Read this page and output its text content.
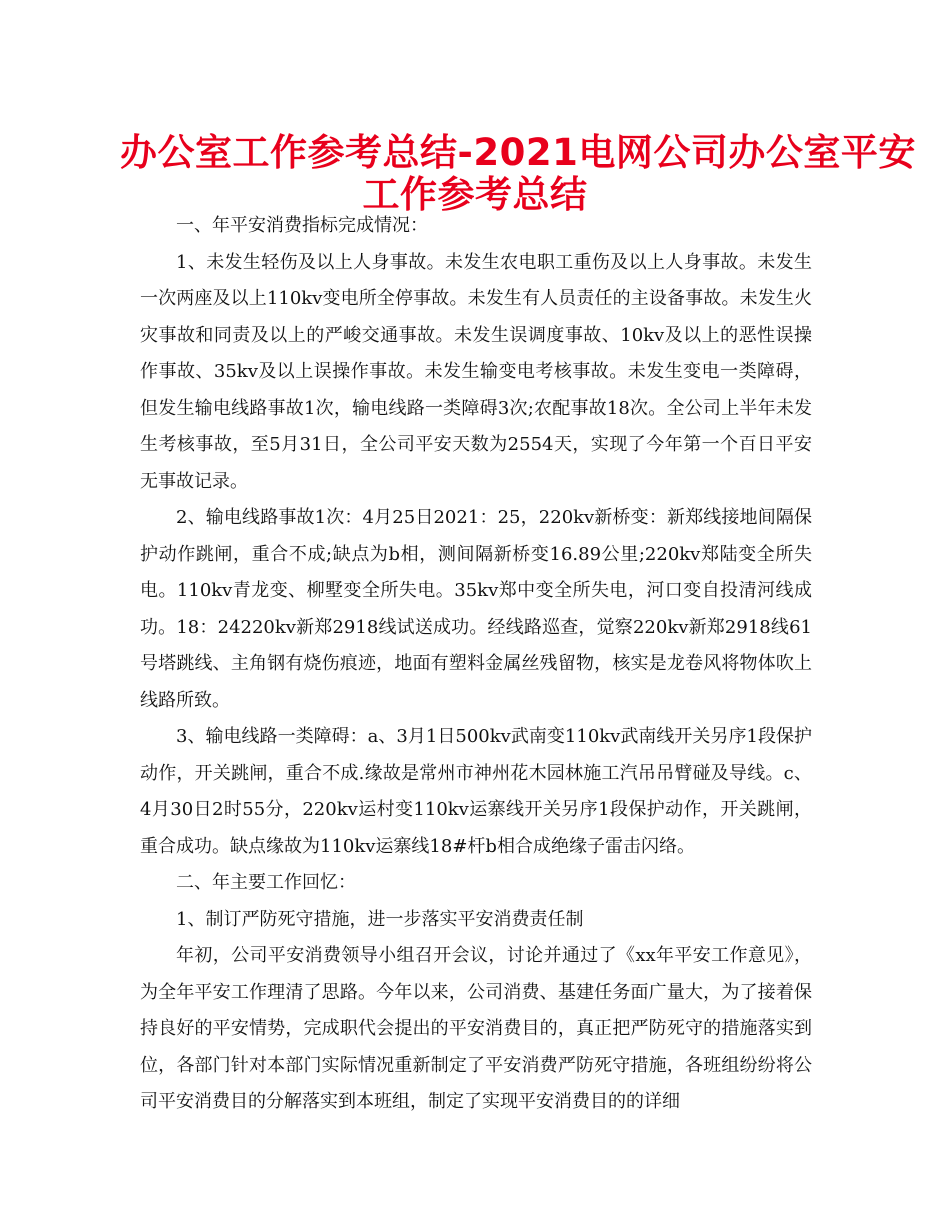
办公室工作参考总结-2021电网公司办公室平安
工作参考总结

一、年平安消费指标完成情况：

1、未发生轻伤及以上人身事故。未发生农电职工重伤及以上人身事故。未发生一次两座及以上110kv变电所全停事故。未发生有人员责任的主设备事故。未发生火灾事故和同责及以上的严峻交通事故。未发生误调度事故、10kv及以上的恶性误操作事故、35kv及以上误操作事故。未发生输变电考核事故。未发生变电一类障碍，但发生输电线路事故1次，输电线路一类障碍3次;农配事故18次。全公司上半年未发生考核事故，至5月31日，全公司平安天数为2554天，实现了今年第一个百日平安无事故记录。

2、输电线路事故1次：4月25日2021：25，220kv新桥变：新郑线接地间隔保护动作跳闸，重合不成;缺点为b相，测间隔新桥变16.89公里;220kv郑陆变全所失电。110kv青龙变、柳墅变全所失电。35kv郑中变全所失电，河口变自投清河线成功。18：24220kv新郑2918线试送成功。经线路巡查，觉察220kv新郑2918线61号塔跳线、主角钢有烧伤痕迹，地面有塑料金属丝残留物，核实是龙卷风将物体吹上线路所致。

3、输电线路一类障碍：a、3月1日500kv武南变110kv武南线开关另序1段保护动作，开关跳闸，重合不成.缘故是常州市神州花木园林施工汽吊吊臂碰及导线。c、4月30日2时55分，220kv运村变110kv运寨线开关另序1段保护动作，开关跳闸，重合成功。缺点缘故为110kv运寨线18#杆b相合成绝缘子雷击闪络。

二、年主要工作回忆：

1、制订严防死守措施，进一步落实平安消费责任制

年初，公司平安消费领导小组召开会议，讨论并通过了《xx年平安工作意见》，为全年平安工作理清了思路。今年以来，公司消费、基建任务面广量大，为了接着保持良好的平安情势，完成职代会提出的平安消费目的，真正把严防死守的措施落实到位，各部门针对本部门实际情况重新制定了平安消费严防死守措施，各班组纷纷将公司平安消费目的分解落实到本班组，制定了实现平安消费目的的详细
